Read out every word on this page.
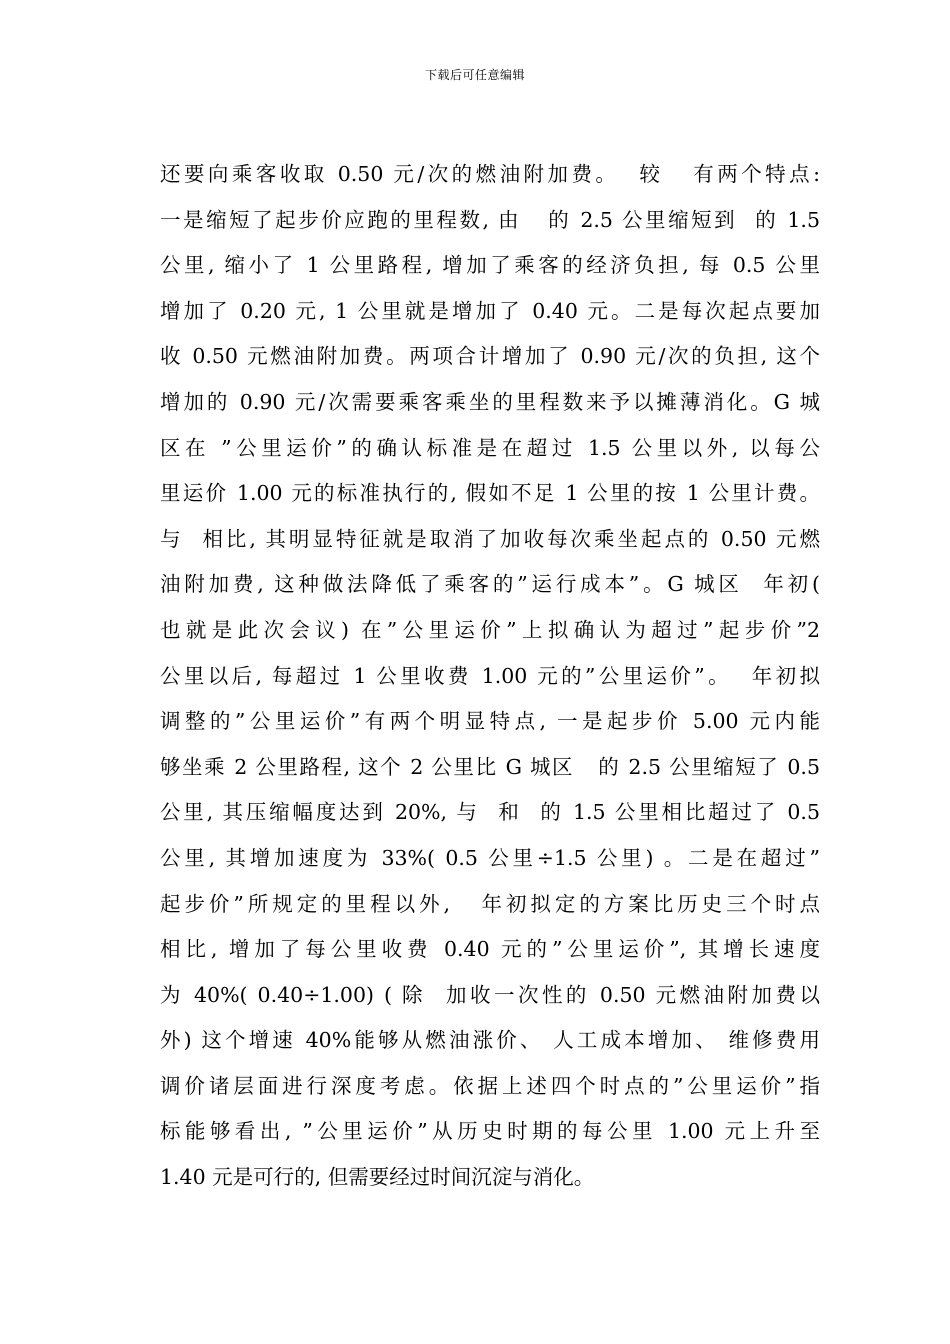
下载后可任意编辑
还要向乘客收取 0.50 元/次的燃油附加费。  较   有两个特点:
一是缩短了起步价应跑的里程数, 由   的 2.5 公里缩短到  的 1.5
公里, 缩小了 1 公里路程, 增加了乘客的经济负担, 每 0.5 公里
增加了 0.20 元, 1 公里就是增加了 0.40 元。二是每次起点要加
收 0.50 元燃油附加费。两项合计增加了 0.90 元/次的负担, 这个
增加的 0.90 元/次需要乘客乘坐的里程数来予以摊薄消化。G 城
区在 ”公里运价”的确认标准是在超过 1.5 公里以外, 以每公
里运价 1.00 元的标准执行的, 假如不足 1 公里的按 1 公里计费。
与  相比, 其明显特征就是取消了加收每次乘坐起点的 0.50 元燃
油附加费, 这种做法降低了乘客的”运行成本”。G 城区  年初(
也就是此次会议) 在”公里运价”上拟确认为超过”起步价”2
公里以后, 每超过 1 公里收费 1.00 元的”公里运价”。  年初拟
调整的”公里运价”有两个明显特点, 一是起步价 5.00 元内能
够坐乘 2 公里路程, 这个 2 公里比 G 城区   的 2.5 公里缩短了 0.5
公里, 其压缩幅度达到 20%, 与  和  的 1.5 公里相比超过了 0.5
公里, 其增加速度为 33%( 0.5 公里÷1.5 公里) 。二是在超过”
起步价”所规定的里程以外,   年初拟定的方案比历史三个时点
相比, 增加了每公里收费 0.40 元的”公里运价”, 其增长速度
为 40%( 0.40÷1.00) ( 除  加收一次性的 0.50 元燃油附加费以
外) 这个增速 40%能够从燃油涨价、 人工成本增加、 维修费用
调价诸层面进行深度考虑。依据上述四个时点的”公里运价”指
标能够看出, ”公里运价”从历史时期的每公里 1.00 元上升至
1.40 元是可行的, 但需要经过时间沉淀与消化。
